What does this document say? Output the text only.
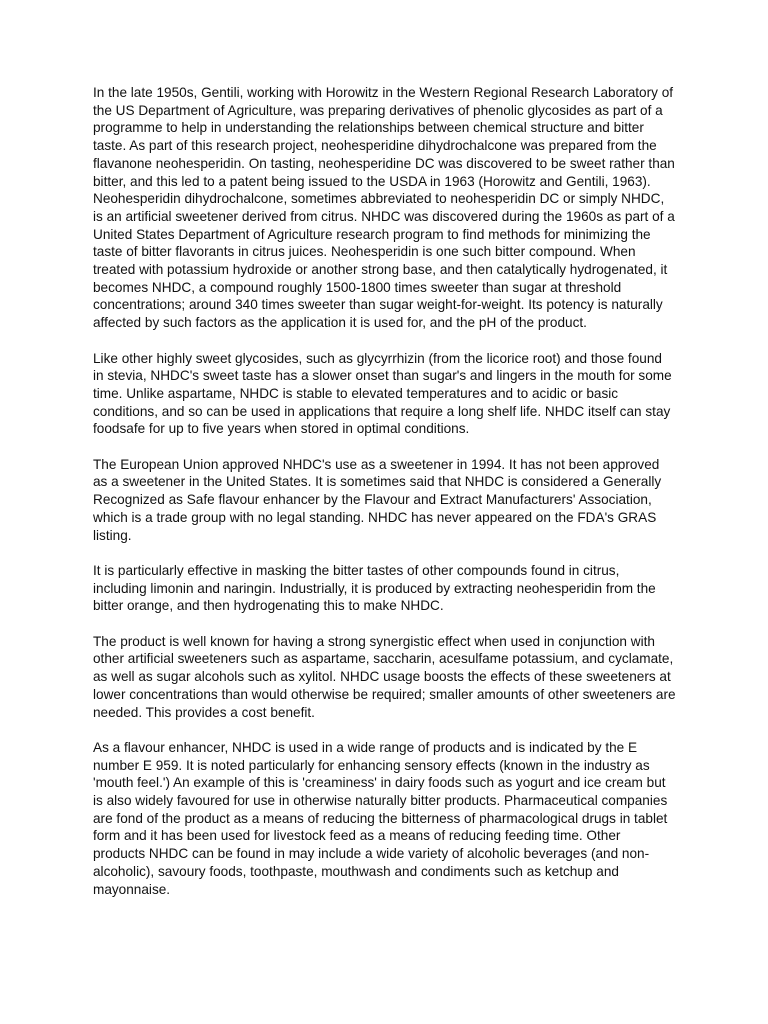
In the late 1950s, Gentili, working with Horowitz in the Western Regional Research Laboratory of the US Department of Agriculture, was preparing derivatives of phenolic glycosides as part of a programme to help in understanding the relationships between chemical structure and bitter taste. As part of this research project, neohesperidine dihydrochalcone was prepared from the flavanone neohesperidin. On tasting, neohesperidine DC was discovered to be sweet rather than bitter, and this led to a patent being issued to the USDA in 1963 (Horowitz and Gentili, 1963).

Neohesperidin dihydrochalcone, sometimes abbreviated to neohesperidin DC or simply NHDC, is an artificial sweetener derived from citrus. NHDC was discovered during the 1960s as part of a United States Department of Agriculture research program to find methods for minimizing the taste of bitter flavorants in citrus juices. Neohesperidin is one such bitter compound. When treated with potassium hydroxide or another strong base, and then catalytically hydrogenated, it becomes NHDC, a compound roughly 1500-1800 times sweeter than sugar at threshold concentrations; around 340 times sweeter than sugar weight-for-weight. Its potency is naturally affected by such factors as the application it is used for, and the pH of the product.

Like other highly sweet glycosides, such as glycyrrhizin (from the licorice root) and those found in stevia, NHDC's sweet taste has a slower onset than sugar's and lingers in the mouth for some time. Unlike aspartame, NHDC is stable to elevated temperatures and to acidic or basic conditions, and so can be used in applications that require a long shelf life. NHDC itself can stay foodsafe for up to five years when stored in optimal conditions.

The European Union approved NHDC's use as a sweetener in 1994. It has not been approved as a sweetener in the United States. It is sometimes said that NHDC is considered a Generally Recognized as Safe flavour enhancer by the Flavour and Extract Manufacturers' Association, which is a trade group with no legal standing. NHDC has never appeared on the FDA's GRAS listing.

It is particularly effective in masking the bitter tastes of other compounds found in citrus, including limonin and naringin. Industrially, it is produced by extracting neohesperidin from the bitter orange, and then hydrogenating this to make NHDC.

The product is well known for having a strong synergistic effect when used in conjunction with other artificial sweeteners such as aspartame, saccharin, acesulfame potassium, and cyclamate, as well as sugar alcohols such as xylitol. NHDC usage boosts the effects of these sweeteners at lower concentrations than would otherwise be required; smaller amounts of other sweeteners are needed. This provides a cost benefit.

As a flavour enhancer, NHDC is used in a wide range of products and is indicated by the E number E 959. It is noted particularly for enhancing sensory effects (known in the industry as 'mouth feel.') An example of this is 'creaminess' in dairy foods such as yogurt and ice cream but is also widely favoured for use in otherwise naturally bitter products. Pharmaceutical companies are fond of the product as a means of reducing the bitterness of pharmacological drugs in tablet form and it has been used for livestock feed as a means of reducing feeding time. Other products NHDC can be found in may include a wide variety of alcoholic beverages (and non-alcoholic), savoury foods, toothpaste, mouthwash and condiments such as ketchup and mayonnaise.
